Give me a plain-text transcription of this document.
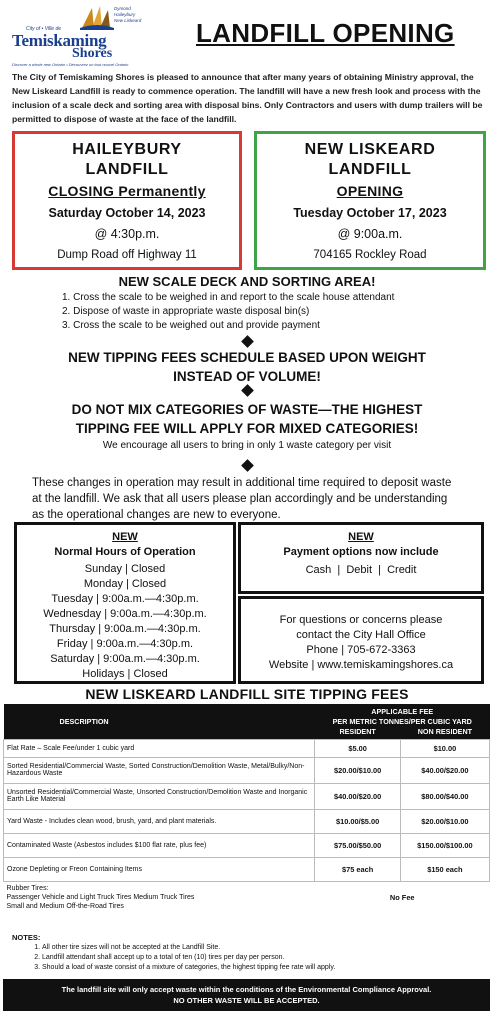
Dymond
Haileybury
New Liskeard
City of • Ville de
Temiskaming
Shores
Discover a whole new Ontario • Découvrez un tout nouvel Ontario
LANDFILL OPENING
The City of Temiskaming Shores is pleased to announce that after many years of obtaining Ministry approval, the New Liskeard Landfill is ready to commence operation. The landfill will have a new fresh look and process with the inclusion of a scale deck and sorting area with disposal bins. Only Contractors and users with dump trailers will be permitted to dispose of waste at the face of the landfill.
HAILEYBURY
LANDFILL
CLOSING Permanently
Saturday October 14, 2023
@ 4:30p.m.
Dump Road off Highway 11
NEW LISKEARD
LANDFILL
OPENING
Tuesday October 17, 2023
@ 9:00a.m.
704165 Rockley Road
NEW SCALE DECK AND SORTING AREA!
1. Cross the scale to be weighed in and report to the scale house attendant
2. Dispose of waste in appropriate waste disposal bin(s)
3. Cross the scale to be weighed out and provide payment
NEW TIPPING FEES SCHEDULE BASED UPON WEIGHT
INSTEAD OF VOLUME!
DO NOT MIX CATEGORIES OF WASTE—THE HIGHEST
TIPPING FEE WILL APPLY FOR MIXED CATEGORIES!
We encourage all users to bring in only 1 waste category per visit
These changes in operation may result in additional time required to deposit waste at the landfill. We ask that all users please plan accordingly and be understanding as the operational changes are new to everyone.
NEW
Normal Hours of Operation
Sunday | Closed
Monday | Closed
Tuesday | 9:00a.m.—4:30p.m.
Wednesday | 9:00a.m.—4:30p.m.
Thursday | 9:00a.m.—4:30p.m.
Friday | 9:00a.m.—4:30p.m.
Saturday | 9:00a.m.—4:30p.m.
Holidays | Closed
NEW
Payment options now include
Cash  |  Debit  |  Credit
For questions or concerns please
contact the City Hall Office
Phone | 705-672-3363
Website | www.temiskamingshores.ca
NEW LISKEARD LANDFILL SITE TIPPING FEES
DESCRIPTION	APPLICABLE FEE	
	PER METRIC TONNES/PER CUBIC YARD	
	RESIDENT	NON RESIDENT
Flat Rate – Scale Fee/under 1 cubic yard	$5.00	$10.00
Sorted Residential/Commercial Waste, Sorted Construction/Demolition Waste, Metal/Bulky/Non- Hazardous Waste	$20.00/$10.00	$40.00/$20.00
Unsorted Residential/Commercial Waste, Unsorted Construction/Demolition Waste and Inorganic Earth Like Material	$40.00/$20.00	$80.00/$40.00
Yard Waste - Includes clean wood, brush, yard, and plant materials.	$10.00/$5.00	$20.00/$10.00
Contaminated Waste (Asbestos includes $100 flat rate, plus fee)	$75.00/$50.00	$150.00/$100.00
Ozone Depleting or Freon Containing Items	$75 each	$150 each

Rubber Tires:
Passenger Vehicle and Light Truck Tires Medium Truck Tires
Small and Medium Off-the-Road Tires	No Fee	
NOTES:
1. All other tire sizes will not be accepted at the Landfill Site.
2. Landfill attendant shall accept up to a total of ten (10) tires per day per person.
3. Should a load of waste consist of a mixture of categories, the highest tipping fee rate will apply.
The landfill site will only accept waste within the conditions of the Environmental Compliance Approval.
NO OTHER WASTE WILL BE ACCEPTED.
